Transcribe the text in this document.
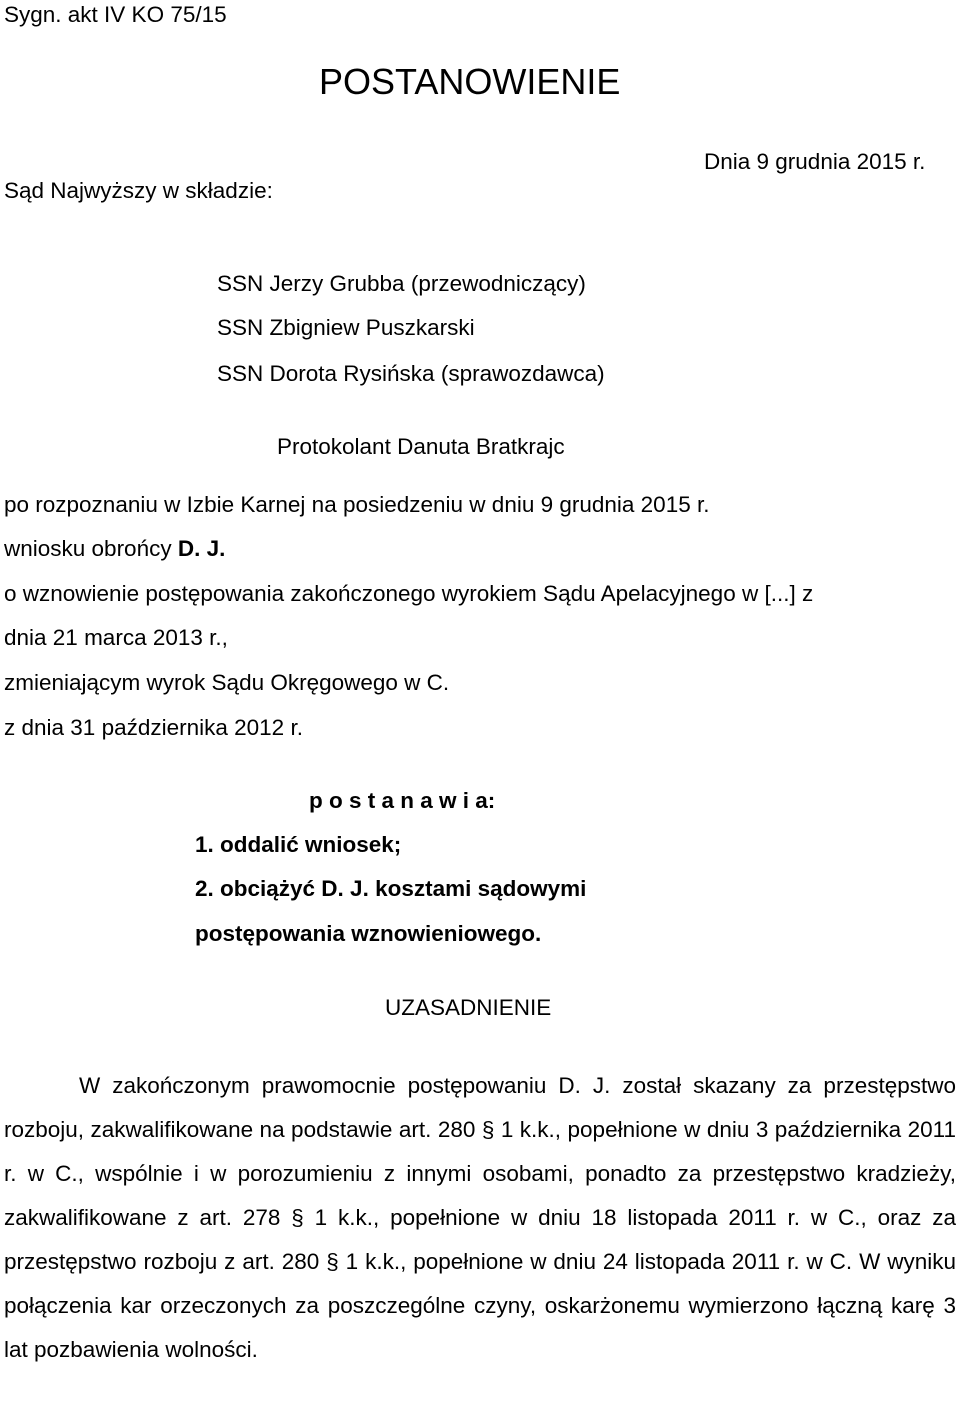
Sygn. akt IV KO 75/15
POSTANOWIENIE
Dnia 9 grudnia 2015 r.
Sąd Najwyższy w składzie:
SSN Jerzy Grubba (przewodniczący)
SSN Zbigniew Puszkarski
SSN Dorota Rysińska (sprawozdawca)
Protokolant Danuta Bratkrajc
po rozpoznaniu w Izbie Karnej na posiedzeniu w dniu 9 grudnia 2015 r.
wniosku obrońcy D. J.
o wznowienie postępowania zakończonego wyrokiem Sądu Apelacyjnego w [...] z
dnia 21 marca 2013 r.,
zmieniającym wyrok Sądu Okręgowego w C.
z dnia 31 października 2012 r.
p o s t a n a w i a:
1. oddalić wniosek;
2. obciążyć D. J. kosztami sądowymi
postępowania wznowieniowego.
UZASADNIENIE

W zakończonym prawomocnie postępowaniu D. J. został skazany za przestępstwo rozboju, zakwalifikowane na podstawie art. 280 § 1 k.k., popełnione w dniu 3 października 2011 r. w C., wspólnie i w porozumieniu z innymi osobami, ponadto za przestępstwo kradzieży, zakwalifikowane z art. 278 § 1 k.k., popełnione w dniu 18 listopada 2011 r. w C., oraz za przestępstwo rozboju z art. 280 § 1 k.k., popełnione w dniu 24 listopada 2011 r. w C. W wyniku połączenia kar orzeczonych za poszczególne czyny, oskarżonemu wymierzono łączną karę 3 lat pozbawienia wolności.
